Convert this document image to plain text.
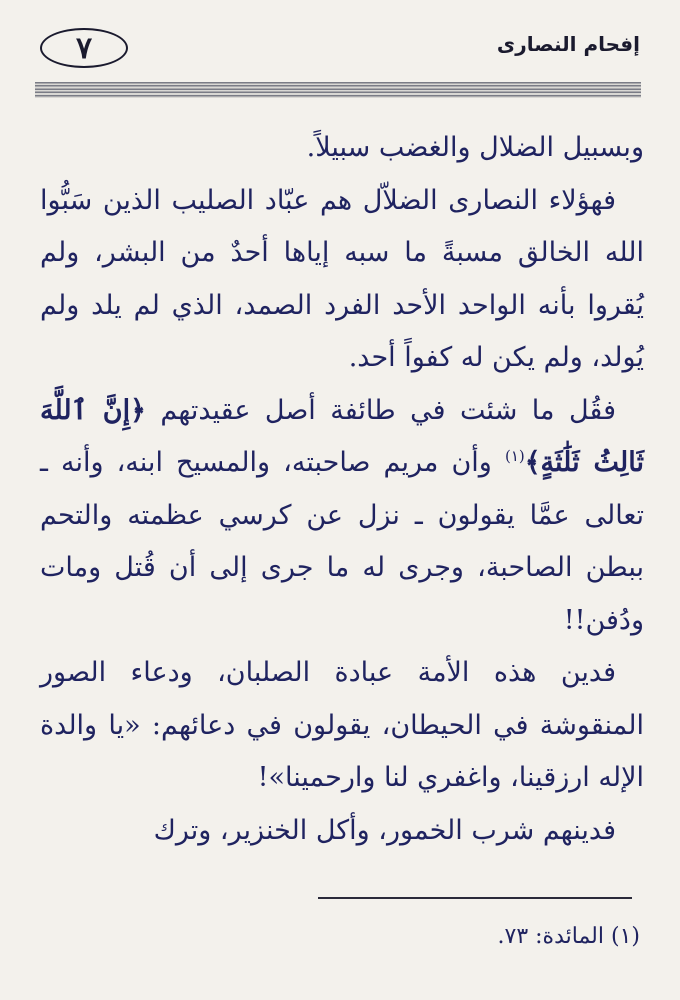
٧	إفحام النصارى

وبسبيل الضلال والغضب سبيلاً.

فهؤلاء النصارى الضلاّل هم عبّاد الصليب الذين سَبُّوا الله الخالق مسبةً ما سبه إياها أحدٌ من البشر، ولم يُقروا بأنه الواحد الأحد الفرد الصمد، الذي لم يلد ولم يُولد، ولم يكن له كفواً أحد.

فقُل ما شئت في طائفة أصل عقيدتهم ﴿إِنَّ ٱللَّهَ ثَالِثُ ثَلَٰثَةٍ﴾$^{(١)}$ وأن مريم صاحبته، والمسيح ابنه، وأنه ـ تعالى عمَّا يقولون ـ نزل عن كرسي عظمته والتحم ببطن الصاحبة، وجرى له ما جرى إلى أن قُتل ومات ودُفن!!

فدين هذه الأمة عبادة الصلبان، ودعاء الصور المنقوشة في الحيطان، يقولون في دعائهم: «يا والدة الإله ارزقينا، واغفري لنا وارحمينا»!

فدينهم شرب الخمور، وأكل الخنزير، وترك

(١) المائدة: ٧٣.
